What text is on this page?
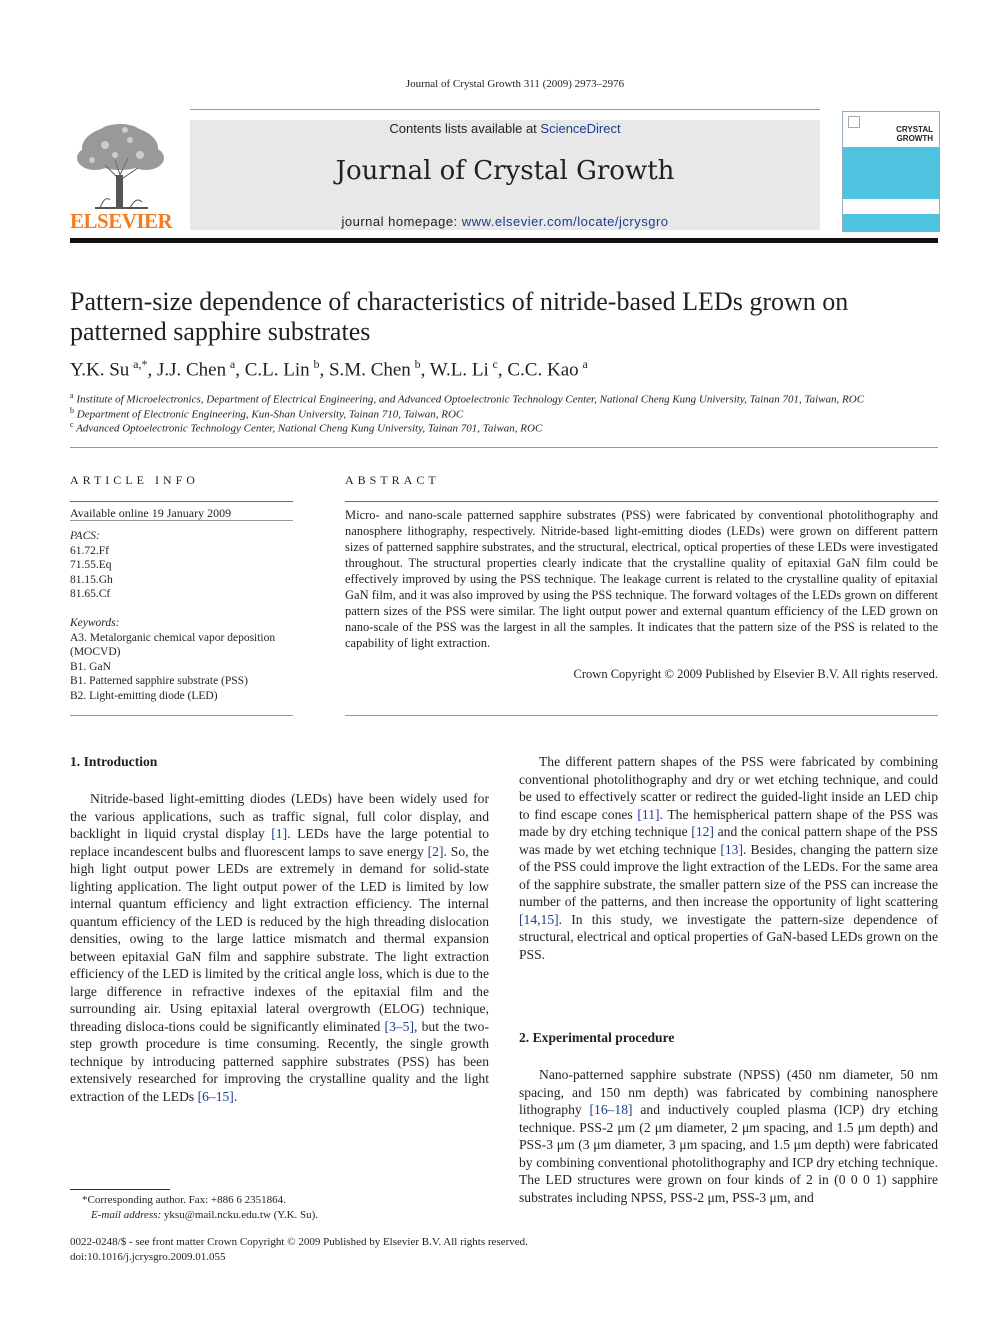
Journal of Crystal Growth 311 (2009) 2973–2976
ELSEVIER
Contents lists available at ScienceDirect
Journal of Crystal Growth
journal homepage: www.elsevier.com/locate/jcrysgro
CRYSTAL
GROWTH
Pattern-size dependence of characteristics of nitride-based LEDs grown on patterned sapphire substrates
Y.K. Su  $^{a,*}$, J.J. Chen  $^a$, C.L. Lin  $^b$, S.M. Chen  $^b$, W.L. Li  $^c$, C.C. Kao  $^a$
$^a$ Institute of Microelectronics, Department of Electrical Engineering, and Advanced Optoelectronic Technology Center, National Cheng Kung University, Tainan 701, Taiwan, ROC
$^b$ Department of Electronic Engineering, Kun-Shan University, Tainan 710, Taiwan, ROC
$^c$ Advanced Optoelectronic Technology Center, National Cheng Kung University, Tainan 701, Taiwan, ROC
ARTICLE INFO
Available online 19 January 2009
PACS:
61.72.Ff
71.55.Eq
81.15.Gh
81.65.Cf
Keywords:
A3. Metalorganic chemical vapor deposition
(MOCVD)
B1. GaN
B1. Patterned sapphire substrate (PSS)
B2. Light-emitting diode (LED)
ABSTRACT
Micro- and nano-scale patterned sapphire substrates (PSS) were fabricated by conventional photolithography and nanosphere lithography, respectively. Nitride-based light-emitting diodes (LEDs) were grown on different pattern sizes of patterned sapphire substrates, and the structural, electrical, optical properties of these LEDs were investigated throughout. The structural properties clearly indicate that the crystalline quality of epitaxial GaN film could be effectively improved by using the PSS technique. The leakage current is related to the crystalline quality of epitaxial GaN film, and it was also improved by using the PSS technique. The forward voltages of the LEDs grown on different pattern sizes of the PSS were similar. The light output power and external quantum efficiency of the LED grown on nano-scale of the PSS was the largest in all the samples. It indicates that the pattern size of the PSS is related to the capability of light extraction.
Crown Copyright © 2009 Published by Elsevier B.V. All rights reserved.
1. Introduction

Nitride-based light-emitting diodes (LEDs) have been widely used for the various applications, such as traffic signal, full color display, and backlight in liquid crystal display [1]. LEDs have the large potential to replace incandescent bulbs and fluorescent lamps to save energy [2]. So, the high light output power LEDs are extremely in demand for solid-state lighting application. The light output power of the LED is limited by low internal quantum efficiency and light extraction efficiency. The internal quantum efficiency of the LED is reduced by the high threading dislocation densities, owing to the large lattice mismatch and thermal expansion between epitaxial GaN film and sapphire substrate. The light extraction efficiency of the LED is limited by the critical angle loss, which is due to the large difference in refractive indexes of the epitaxial film and the surrounding air. Using epitaxial lateral overgrowth (ELOG) technique, threading disloca-tions could be significantly eliminated [3–5], but the two-step growth procedure is time consuming. Recently, the single growth technique by introducing patterned sapphire substrates (PSS) has been extensively researched for improving the crystalline quality and the light extraction of the LEDs [6–15].

The different pattern shapes of the PSS were fabricated by combining conventional photolithography and dry or wet etching technique, and could be used to effectively scatter or redirect the guided-light inside an LED chip to find escape cones [11]. The hemispherical pattern shape of the PSS was made by dry etching technique [12] and the conical pattern shape of the PSS was made by wet etching technique [13]. Besides, changing the pattern size of the PSS could improve the light extraction of the LEDs. For the same area of the sapphire substrate, the smaller pattern size of the PSS can increase the number of the patterns, and then increase the opportunity of light scattering [14,15]. In this study, we investigate the pattern-size dependence of structural, electrical and optical properties of GaN-based LEDs grown on the PSS.

2. Experimental procedure

Nano-patterned sapphire substrate (NPSS) (450 nm diameter, 50 nm spacing, and 150 nm depth) was fabricated by combining nanosphere lithography [16–18] and inductively coupled plasma (ICP) dry etching technique. PSS-2 μm (2 μm diameter, 2 μm spacing, and 1.5 μm depth) and PSS-3 μm (3 μm diameter, 3 μm spacing, and 1.5 μm depth) were fabricated by combining conventional photolithography and ICP dry etching technique. The LED structures were grown on four kinds of 2 in (0 0 0 1) sapphire substrates including NPSS, PSS-2 μm, PSS-3 μm, and

*Corresponding author. Fax: +886 6 2351864.
E-mail address: yksu@mail.ncku.edu.tw (Y.K. Su).
0022-0248/$ - see front matter Crown Copyright © 2009 Published by Elsevier B.V. All rights reserved.
doi:10.1016/j.jcrysgro.2009.01.055
